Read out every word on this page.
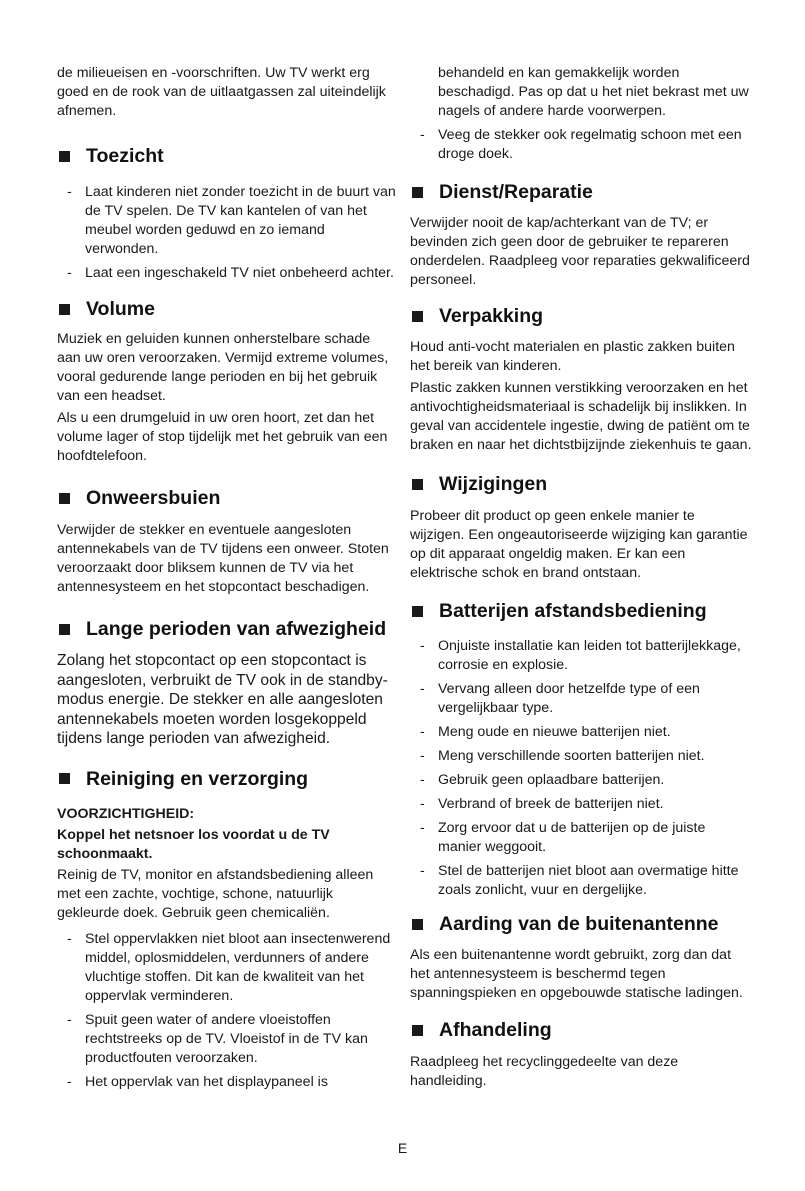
de milieueisen en -voorschriften. Uw TV werkt erg goed en de rook van de uitlaatgassen zal uiteindelijk afnemen.

Toezicht
- Laat kinderen niet zonder toezicht in de buurt van de TV spelen. De TV kan kantelen of van het meubel worden geduwd en zo iemand verwonden.
- Laat een ingeschakeld TV niet onbeheerd achter.
Volume

Muziek en geluiden kunnen onherstelbare schade aan uw oren veroorzaken. Vermijd extreme volumes, vooral gedurende lange perioden en bij het gebruik van een headset.

Als u een drumgeluid in uw oren hoort, zet dan het volume lager of stop tijdelijk met het gebruik van een hoofdtelefoon.

Onweersbuien

Verwijder de stekker en eventuele aangesloten antennekabels van de TV tijdens een onweer. Stoten veroorzaakt door bliksem kunnen de TV via het antennesysteem en het stopcontact beschadigen.

Lange perioden van afwezigheid

Zolang het stopcontact op een stopcontact is aangesloten, verbruikt de TV ook in de standby-modus energie. De stekker en alle aangesloten antennekabels moeten worden losgekoppeld tijdens lange perioden van afwezigheid.

Reiniging en verzorging

VOORZICHTIGHEID:

Koppel het netsnoer los voordat u de TV schoonmaakt.

Reinig de TV, monitor en afstandsbediening alleen met een zachte, vochtige, schone, natuurlijk gekleurde doek. Gebruik geen chemicaliën.

- Stel oppervlakken niet bloot aan insectenwerend middel, oplosmiddelen, verdunners of andere vluchtige stoffen. Dit kan de kwaliteit van het oppervlak verminderen.
- Spuit geen water of andere vloeistoffen rechtstreeks op de TV. Vloeistof in de TV kan productfouten veroorzaken.
- Het oppervlak van het displaypaneel is

behandeld en kan gemakkelijk worden beschadigd. Pas op dat u het niet bekrast met uw nagels of andere harde voorwerpen.

- Veeg de stekker ook regelmatig schoon met een droge doek.
Dienst/Reparatie

Verwijder nooit de kap/achterkant van de TV; er bevinden zich geen door de gebruiker te repareren onderdelen. Raadpleeg voor reparaties gekwalificeerd personeel.

Verpakking

Houd anti-vocht materialen en plastic zakken buiten het bereik van kinderen.

Plastic zakken kunnen verstikking veroorzaken en het antivochtigheidsmateriaal is schadelijk bij inslikken. In geval van accidentele ingestie, dwing de patiënt om te braken en naar het dichtstbijzijnde ziekenhuis te gaan.

Wijzigingen

Probeer dit product op geen enkele manier te wijzigen. Een ongeautoriseerde wijziging kan garantie op dit apparaat ongeldig maken. Er kan een elektrische schok en brand ontstaan.

Batterijen afstandsbediening
- Onjuiste installatie kan leiden tot batterijlekkage, corrosie en explosie.
- Vervang alleen door hetzelfde type of een vergelijkbaar type.
- Meng oude en nieuwe batterijen niet.
- Meng verschillende soorten batterijen niet.
- Gebruik geen oplaadbare batterijen.
- Verbrand of breek de batterijen niet.
- Zorg ervoor dat u de batterijen op de juiste manier weggooit.
- Stel de batterijen niet bloot aan overmatige hitte zoals zonlicht, vuur en dergelijke.
Aarding van de buitenantenne

Als een buitenantenne wordt gebruikt, zorg dan dat het antennesysteem is beschermd tegen spanningspieken en opgebouwde statische ladingen.

Afhandeling

Raadpleeg het recyclinggedeelte van deze handleiding.

E
